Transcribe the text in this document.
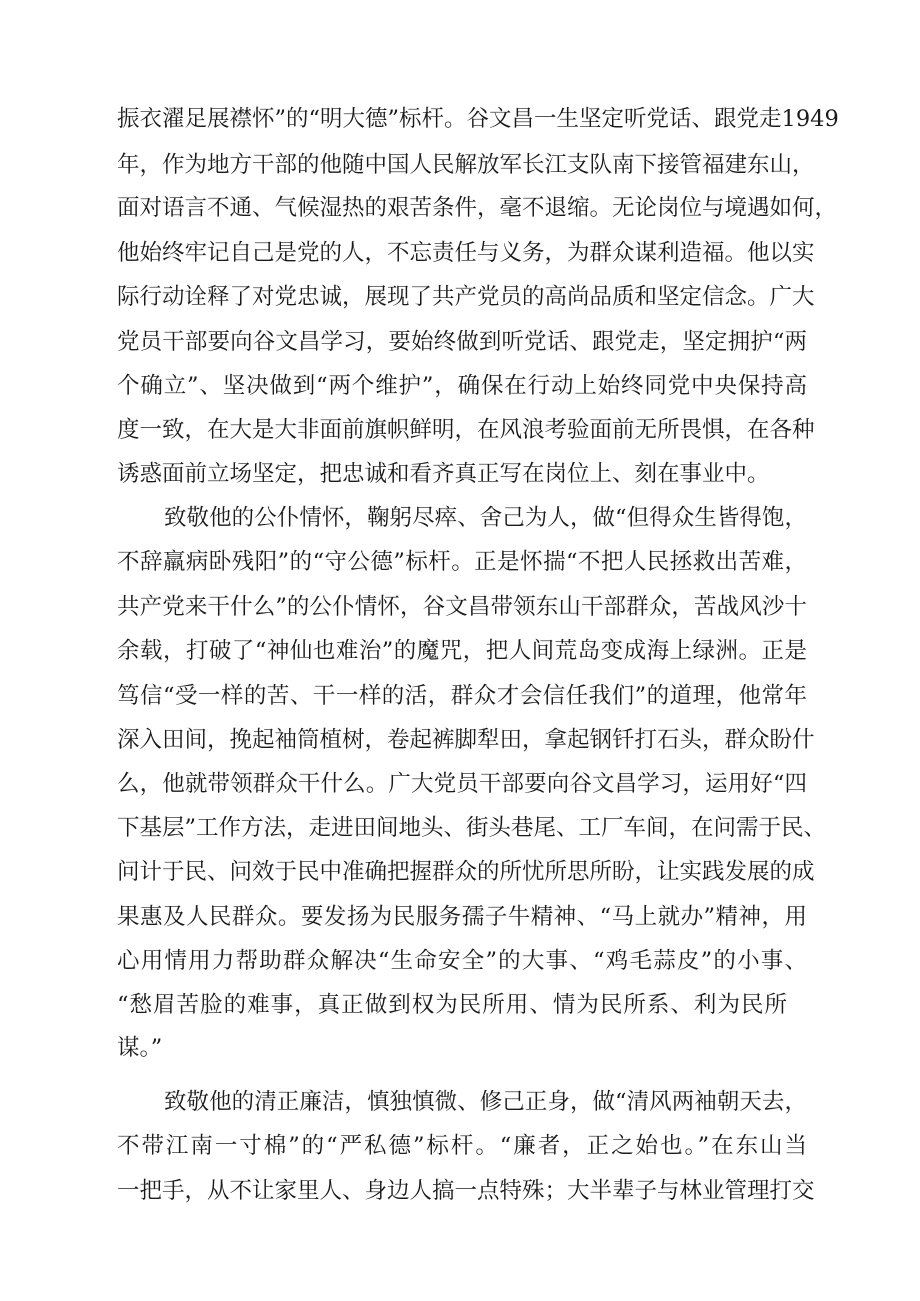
振衣濯足展襟怀”的“明大德”标杆。谷文昌一生坚定听党话、跟党走1949
年，作为地方干部的他随中国人民解放军长江支队南下接管福建东山，
面对语言不通、气候湿热的艰苦条件，毫不退缩。无论岗位与境遇如何，
他始终牢记自己是党的人，不忘责任与义务，为群众谋利造福。他以实
际行动诠释了对党忠诚，展现了共产党员的高尚品质和坚定信念。广大
党员干部要向谷文昌学习，要始终做到听党话、跟党走，坚定拥护“两
个确立”、坚决做到“两个维护”，确保在行动上始终同党中央保持高
度一致，在大是大非面前旗帜鲜明，在风浪考验面前无所畏惧，在各种
诱惑面前立场坚定，把忠诚和看齐真正写在岗位上、刻在事业中。
致敬他的公仆情怀，鞠躬尽瘁、舍己为人，做“但得众生皆得饱，
不辞羸病卧残阳”的“守公德”标杆。正是怀揣“不把人民拯救出苦难，
共产党来干什么”的公仆情怀，谷文昌带领东山干部群众，苦战风沙十
余载，打破了“神仙也难治”的魔咒，把人间荒岛变成海上绿洲。正是
笃信“受一样的苦、干一样的活，群众才会信任我们”的道理，他常年
深入田间，挽起袖筒植树，卷起裤脚犁田，拿起钢钎打石头，群众盼什
么，他就带领群众干什么。广大党员干部要向谷文昌学习，运用好“四
下基层”工作方法，走进田间地头、街头巷尾、工厂车间，在问需于民、
问计于民、问效于民中准确把握群众的所忧所思所盼，让实践发展的成
果惠及人民群众。要发扬为民服务孺子牛精神、“马上就办”精神，用
心用情用力帮助群众解决“生命安全”的大事、“鸡毛蒜皮”的小事、
“愁眉苦脸的难事，真正做到权为民所用、情为民所系、利为民所
谋。”
致敬他的清正廉洁，慎独慎微、修己正身，做“清风两袖朝天去，
不带江南一寸棉”的“严私德”标杆。“廉者，正之始也。”在东山当
一把手，从不让家里人、身边人搞一点特殊；大半辈子与林业管理打交
